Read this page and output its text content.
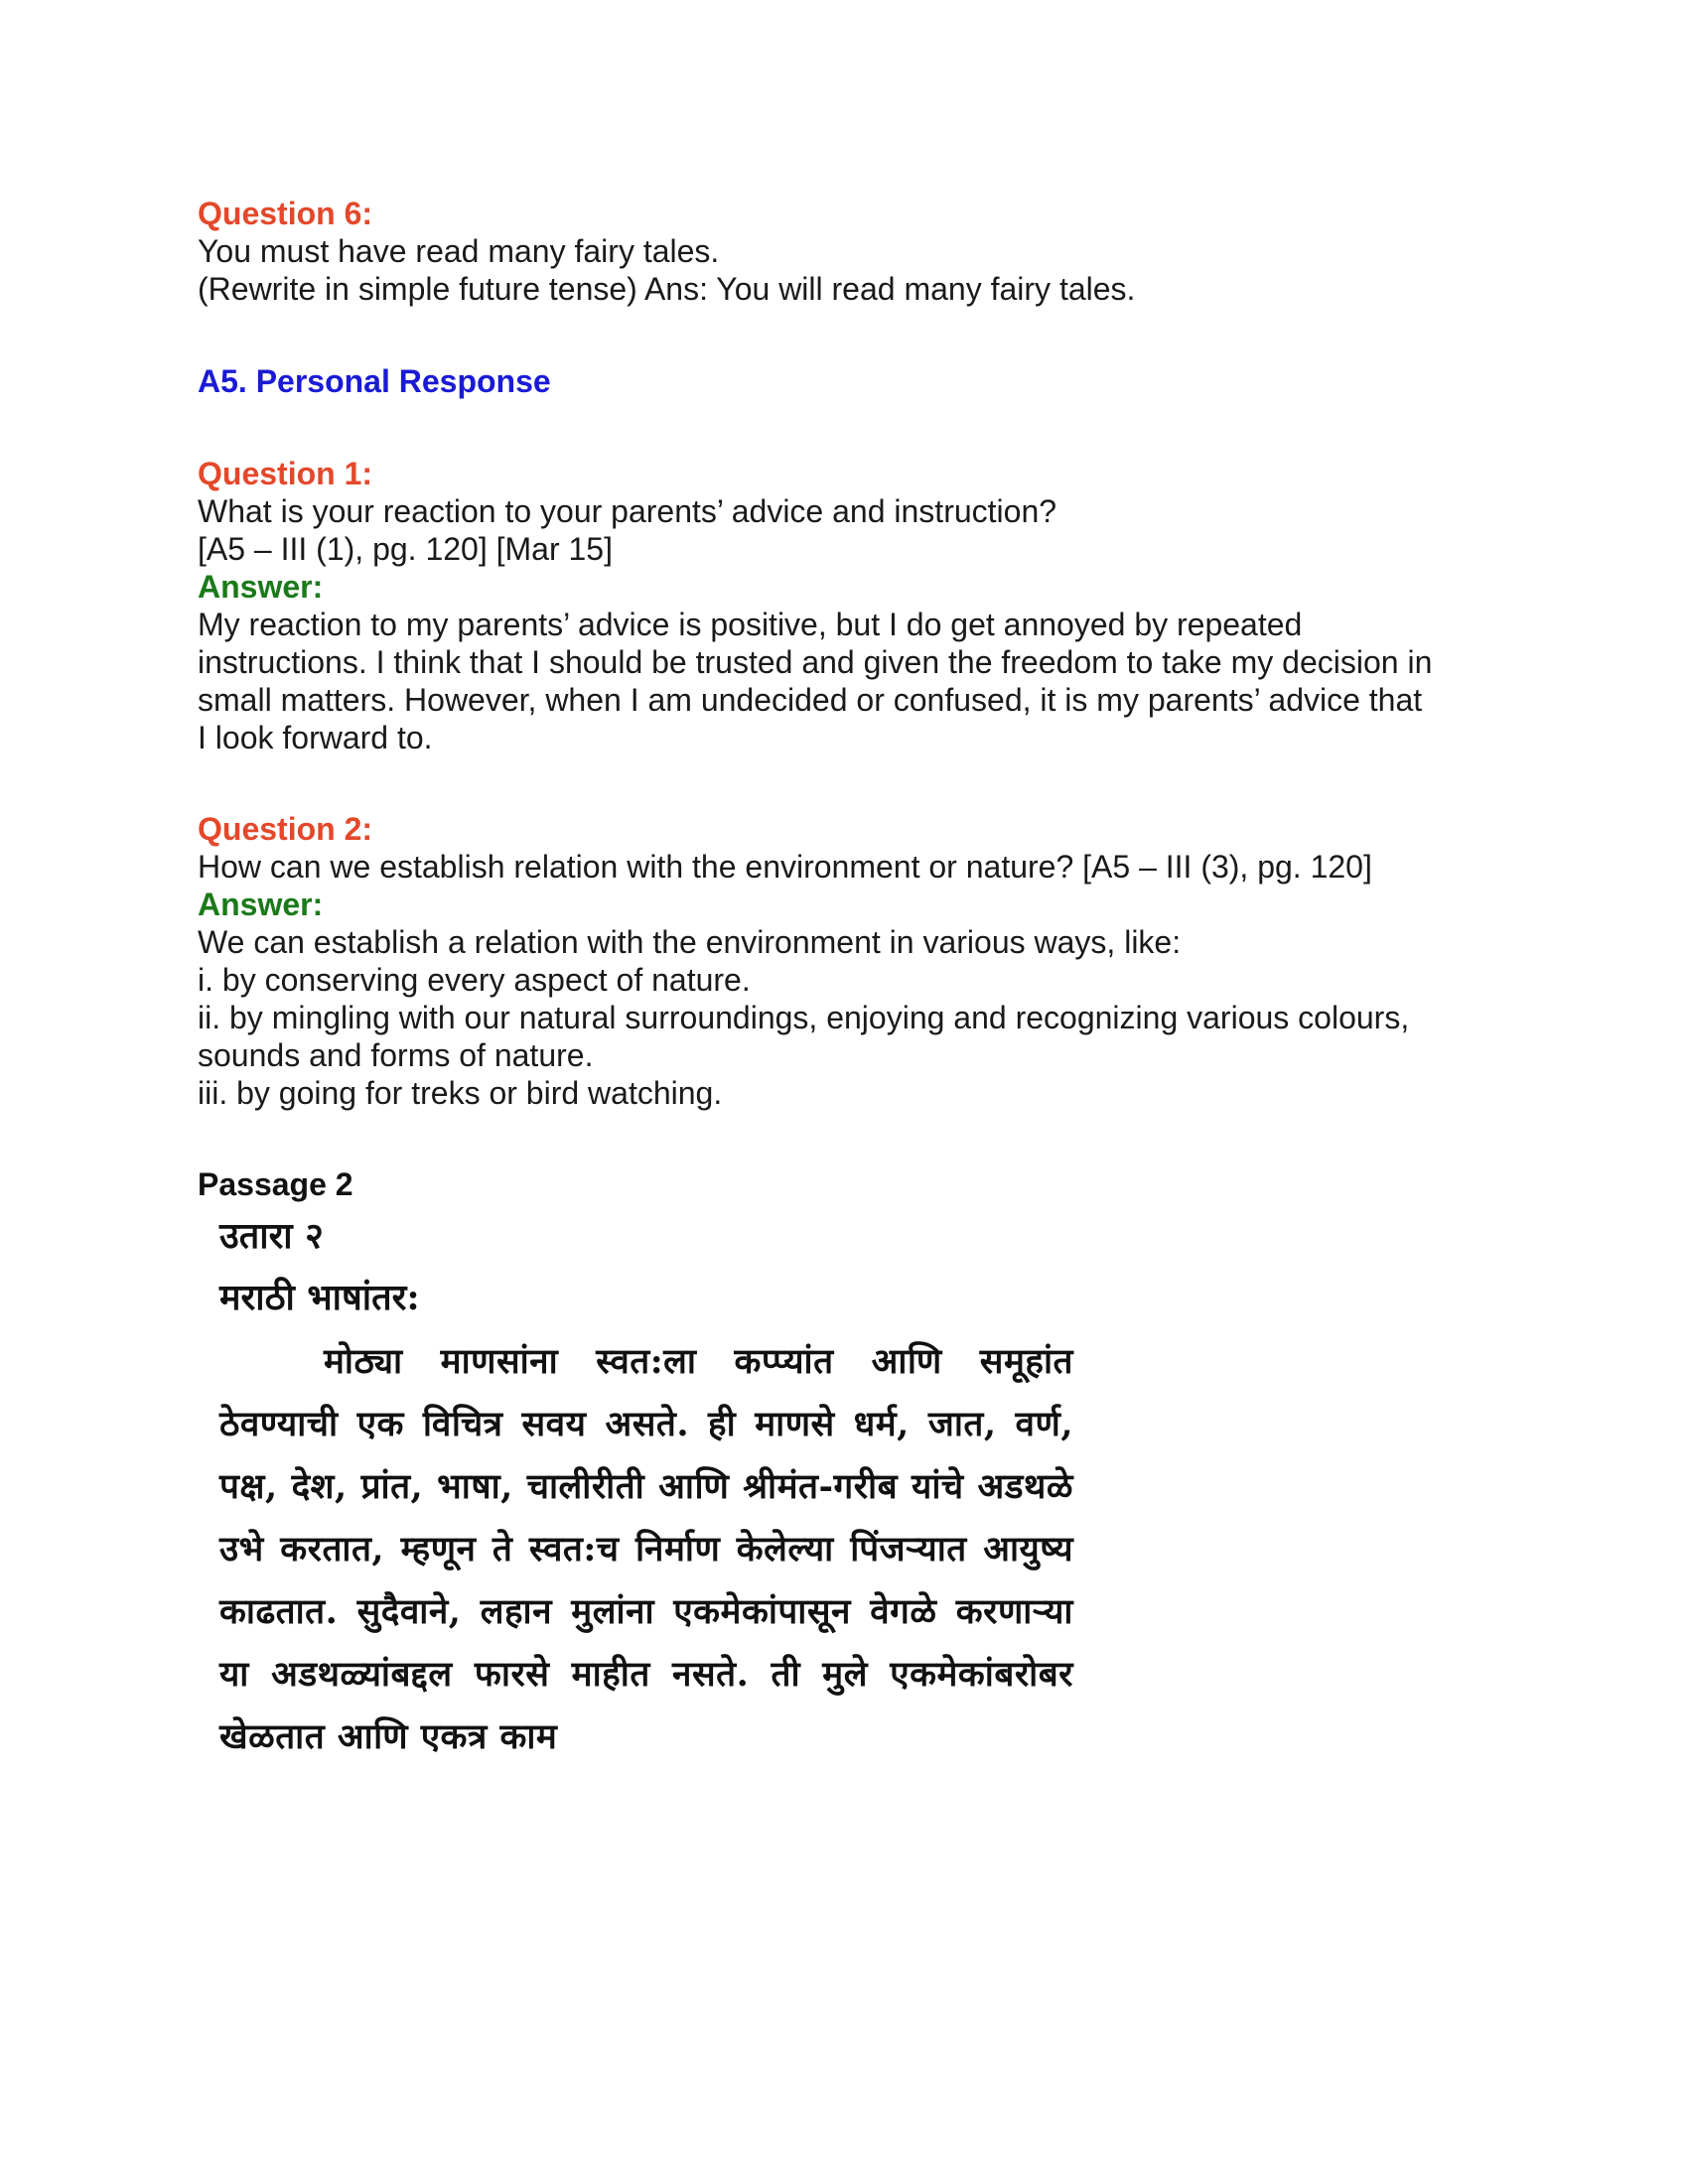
Question 6:
You must have read many fairy tales.
(Rewrite in simple future tense) Ans: You will read many fairy tales.
A5. Personal Response
Question 1:
What is your reaction to your parents’ advice and instruction?
[A5 – III (1), pg. 120] [Mar 15]
Answer:
My reaction to my parents’ advice is positive, but I do get annoyed by repeated
instructions. I think that I should be trusted and given the freedom to take my decision in
small matters. However, when I am undecided or confused, it is my parents’ advice that
I look forward to.
Question 2:
How can we establish relation with the environment or nature? [A5 – III (3), pg. 120]
Answer:
We can establish a relation with the environment in various ways, like:
i. by conserving every aspect of nature.
ii. by mingling with our natural surroundings, enjoying and recognizing various colours,
sounds and forms of nature.
iii. by going for treks or bird watching.
Passage 2
उतारा २
मराठी भाषांतर:
मोठ्या माणसांना स्वत:ला कप्प्यांत आणि समूहांत ठेवण्याची एक विचित्र सवय असते. ही माणसे धर्म, जात, वर्ण, पक्ष, देश, प्रांत, भाषा, चालीरीती आणि श्रीमंत-गरीब यांचे अडथळे उभे करतात, म्हणून ते स्वत:च निर्माण केलेल्या पिंजऱ्यात आयुष्य काढतात. सुदैवाने, लहान मुलांना एकमेकांपासून वेगळे करणाऱ्या या अडथळ्यांबद्दल फारसे माहीत नसते. ती मुले एकमेकांबरोबर खेळतात आणि एकत्र काम
